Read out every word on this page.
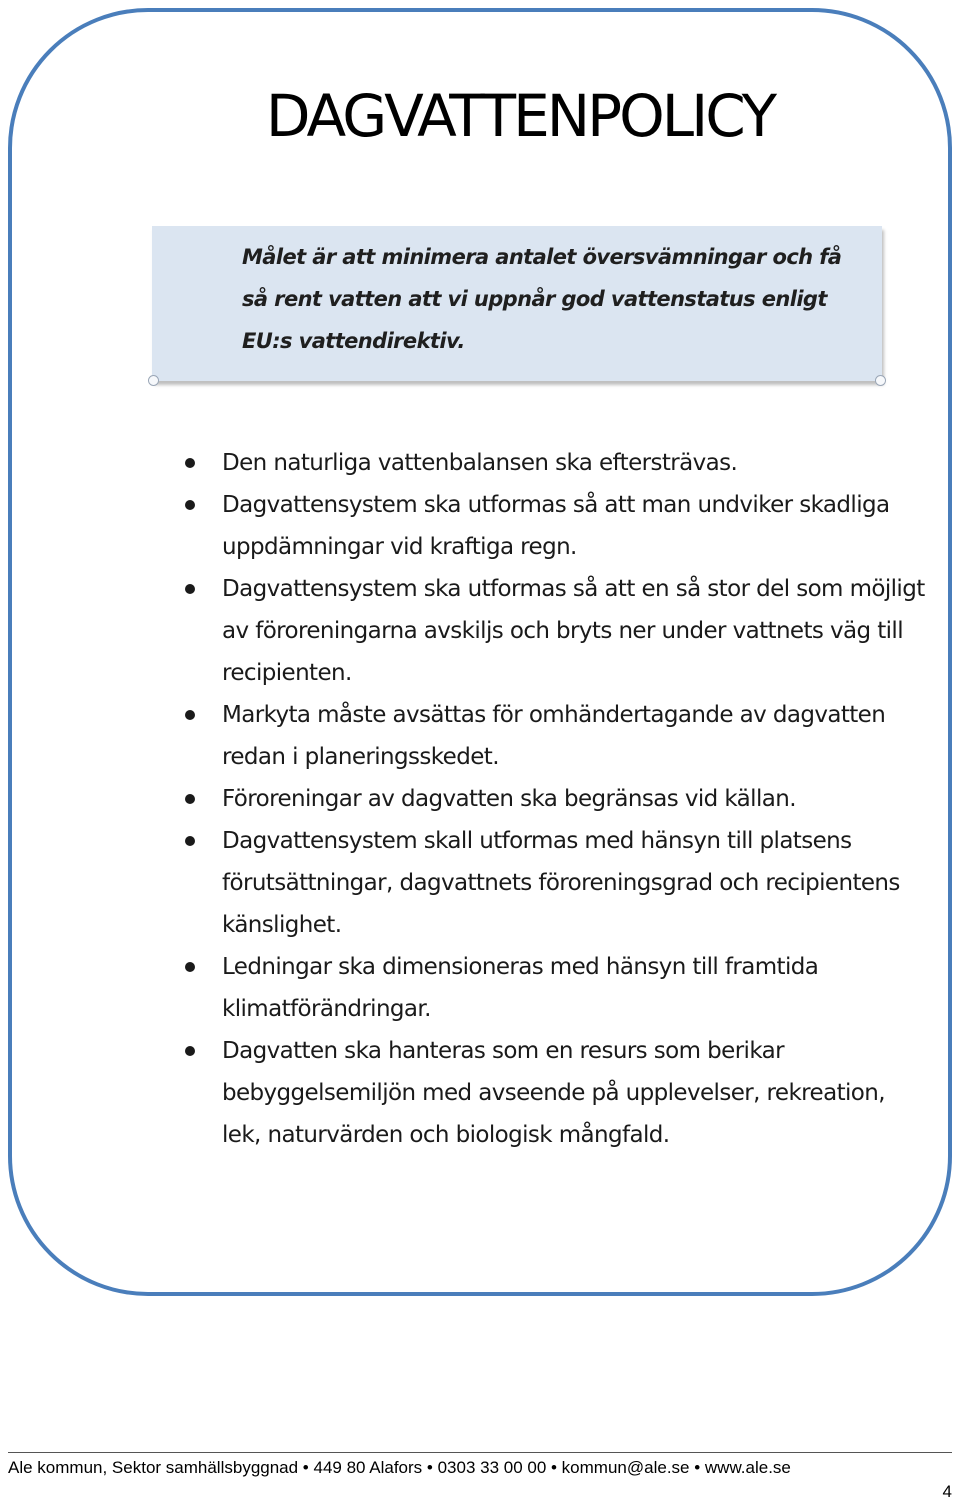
DAGVATTENPOLICY

Målet är att minimera antalet översvämningar och få så rent vatten att vi uppnår god vattenstatus enligt EU:s vattendirektiv.

Den naturliga vattenbalansen ska eftersträvas.
Dagvattensystem ska utformas så att man undviker skadliga uppdämningar vid kraftiga regn.
Dagvattensystem ska utformas så att en så stor del som möjligt av föroreningarna avskiljs och bryts ner under vattnets väg till recipienten.
Markyta måste avsättas för omhändertagande av dagvatten redan i planeringsskedet.
Föroreningar av dagvatten ska begränsas vid källan.
Dagvattensystem skall utformas med hänsyn till platsens förutsättningar, dagvattnets föroreningsgrad och recipientens känslighet.
Ledningar ska dimensioneras med hänsyn till framtida klimatförändringar.
Dagvatten ska hanteras som en resurs som berikar bebyggelsemiljön med avseende på upplevelser, rekreation, lek, naturvärden och biologisk mångfald.
Ale kommun, Sektor samhällsbyggnad • 449 80 Alafors • 0303 33 00 00 • kommun@ale.se • www.ale.se
4
